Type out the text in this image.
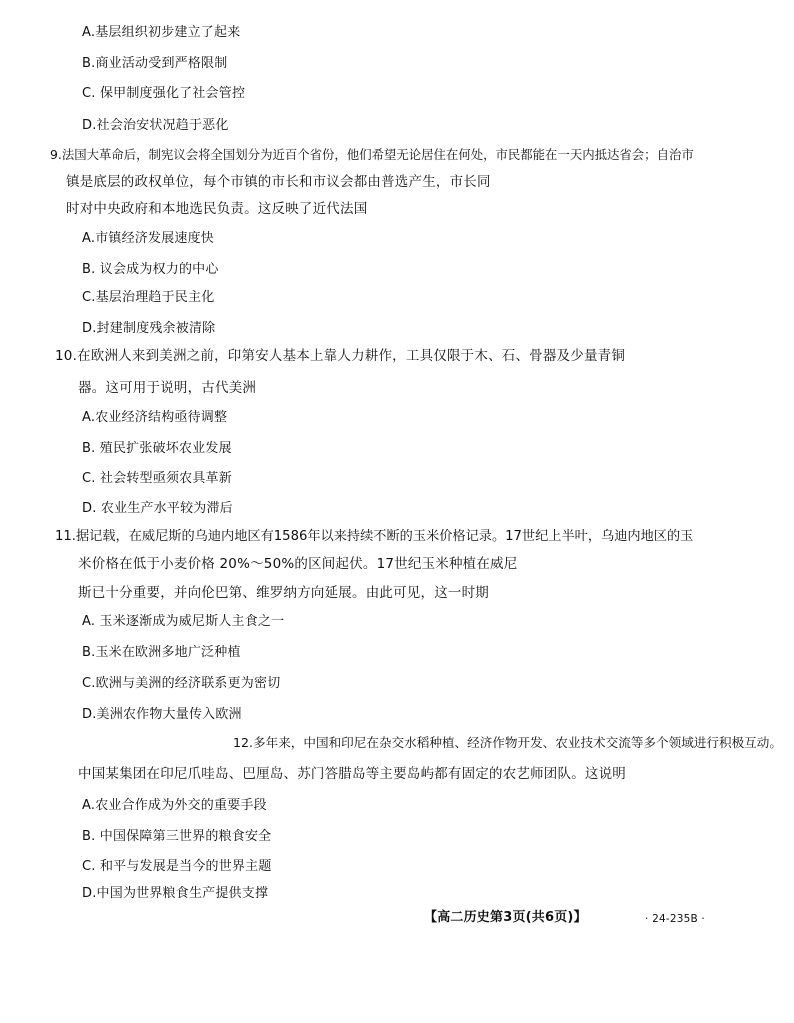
A.基层组织初步建立了起来
B.商业活动受到严格限制
C. 保甲制度强化了社会管控
D.社会治安状况趋于恶化
9.法国大革命后，制宪议会将全国划分为近百个省份，他们希望无论居住在何处，市民都能在一天内抵达省会；自治市
镇是底层的政权单位，每个市镇的市长和市议会都由普选产生，市长同
时对中央政府和本地选民负责。这反映了近代法国
A.市镇经济发展速度快
B. 议会成为权力的中心
C.基层治理趋于民主化
D.封建制度残余被清除
10.在欧洲人来到美洲之前，印第安人基本上靠人力耕作，工具仅限于木、石、骨器及少量青铜
器。这可用于说明，古代美洲
A.农业经济结构亟待调整
B. 殖民扩张破坏农业发展
C. 社会转型亟须农具革新
D. 农业生产水平较为滞后
11.据记载，在威尼斯的乌迪内地区有1586年以来持续不断的玉米价格记录。17世纪上半叶，乌迪内地区的玉
米价格在低于小麦价格 20%～50%的区间起伏。17世纪玉米种植在威尼
斯已十分重要，并向伦巴第、维罗纳方向延展。由此可见，这一时期
A. 玉米逐渐成为威尼斯人主食之一
B.玉米在欧洲多地广泛种植
C.欧洲与美洲的经济联系更为密切
D.美洲农作物大量传入欧洲
12.多年来，中国和印尼在杂交水稻种植、经济作物开发、农业技术交流等多个领域进行积极互动。
中国某集团在印尼爪哇岛、巴厘岛、苏门答腊岛等主要岛屿都有固定的农艺师团队。这说明
A.农业合作成为外交的重要手段
B. 中国保障第三世界的粮食安全
C. 和平与发展是当今的世界主题
D.中国为世界粮食生产提供支撑
【高二历史第3页(共6页)】	· 24-235B ·
